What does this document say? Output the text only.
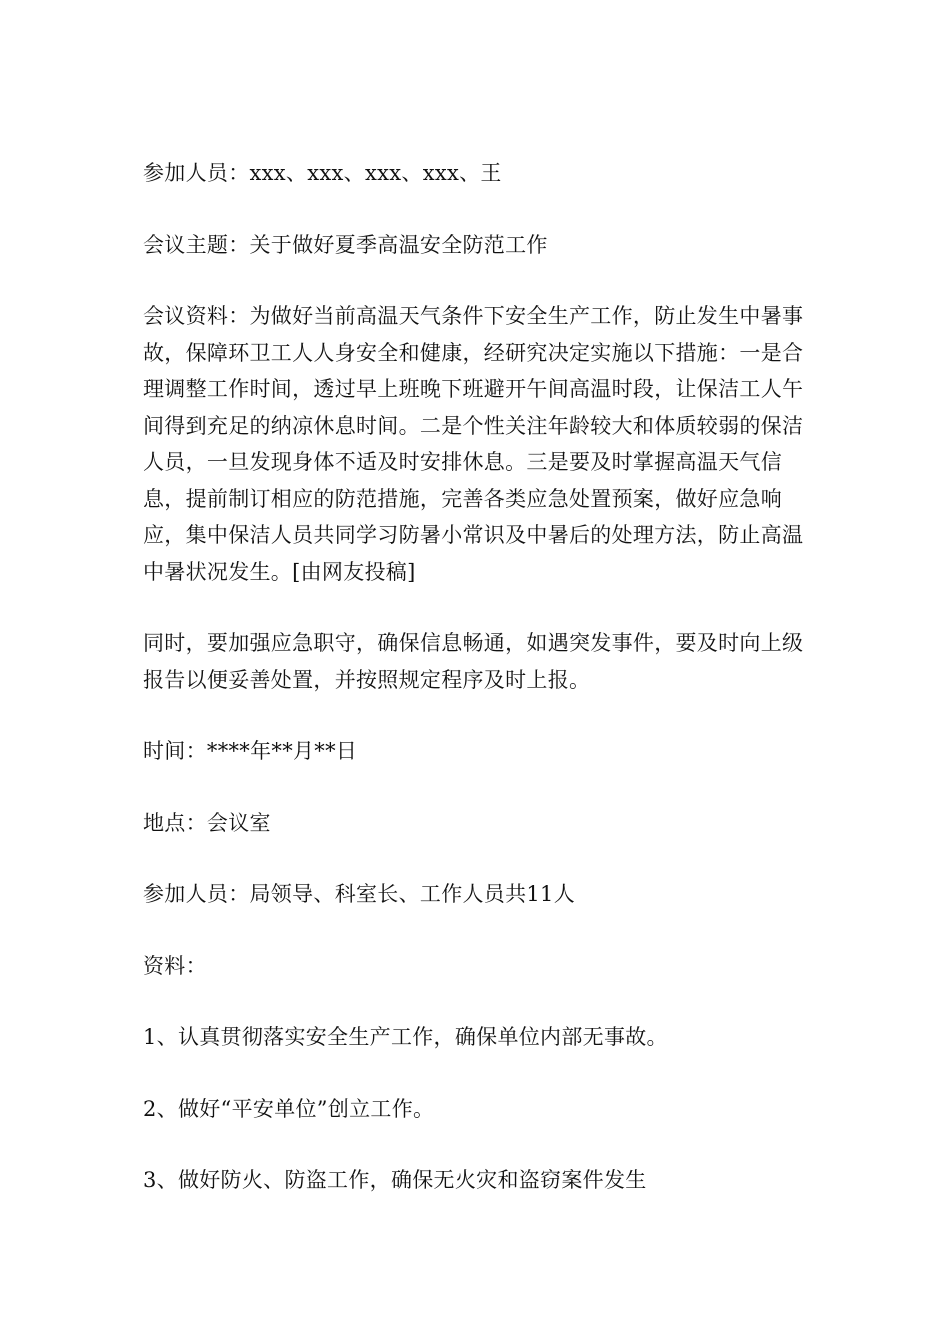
参加人员：xxx、xxx、xxx、xxx、王

会议主题：关于做好夏季高温安全防范工作

会议资料：为做好当前高温天气条件下安全生产工作，防止发生中暑事故，保障环卫工人人身安全和健康，经研究决定实施以下措施：一是合理调整工作时间，透过早上班晚下班避开午间高温时段，让保洁工人午间得到充足的纳凉休息时间。二是个性关注年龄较大和体质较弱的保洁人员，一旦发现身体不适及时安排休息。三是要及时掌握高温天气信息，提前制订相应的防范措施，完善各类应急处置预案，做好应急响应，集中保洁人员共同学习防暑小常识及中暑后的处理方法，防止高温中暑状况发生。[由网友投稿]

同时，要加强应急职守，确保信息畅通，如遇突发事件，要及时向上级报告以便妥善处置，并按照规定程序及时上报。

时间：****年**月**日

地点：会议室

参加人员：局领导、科室长、工作人员共11人

资料：

1、认真贯彻落实安全生产工作，确保单位内部无事故。

2、做好“平安单位”创立工作。

3、做好防火、防盗工作，确保无火灾和盗窃案件发生
